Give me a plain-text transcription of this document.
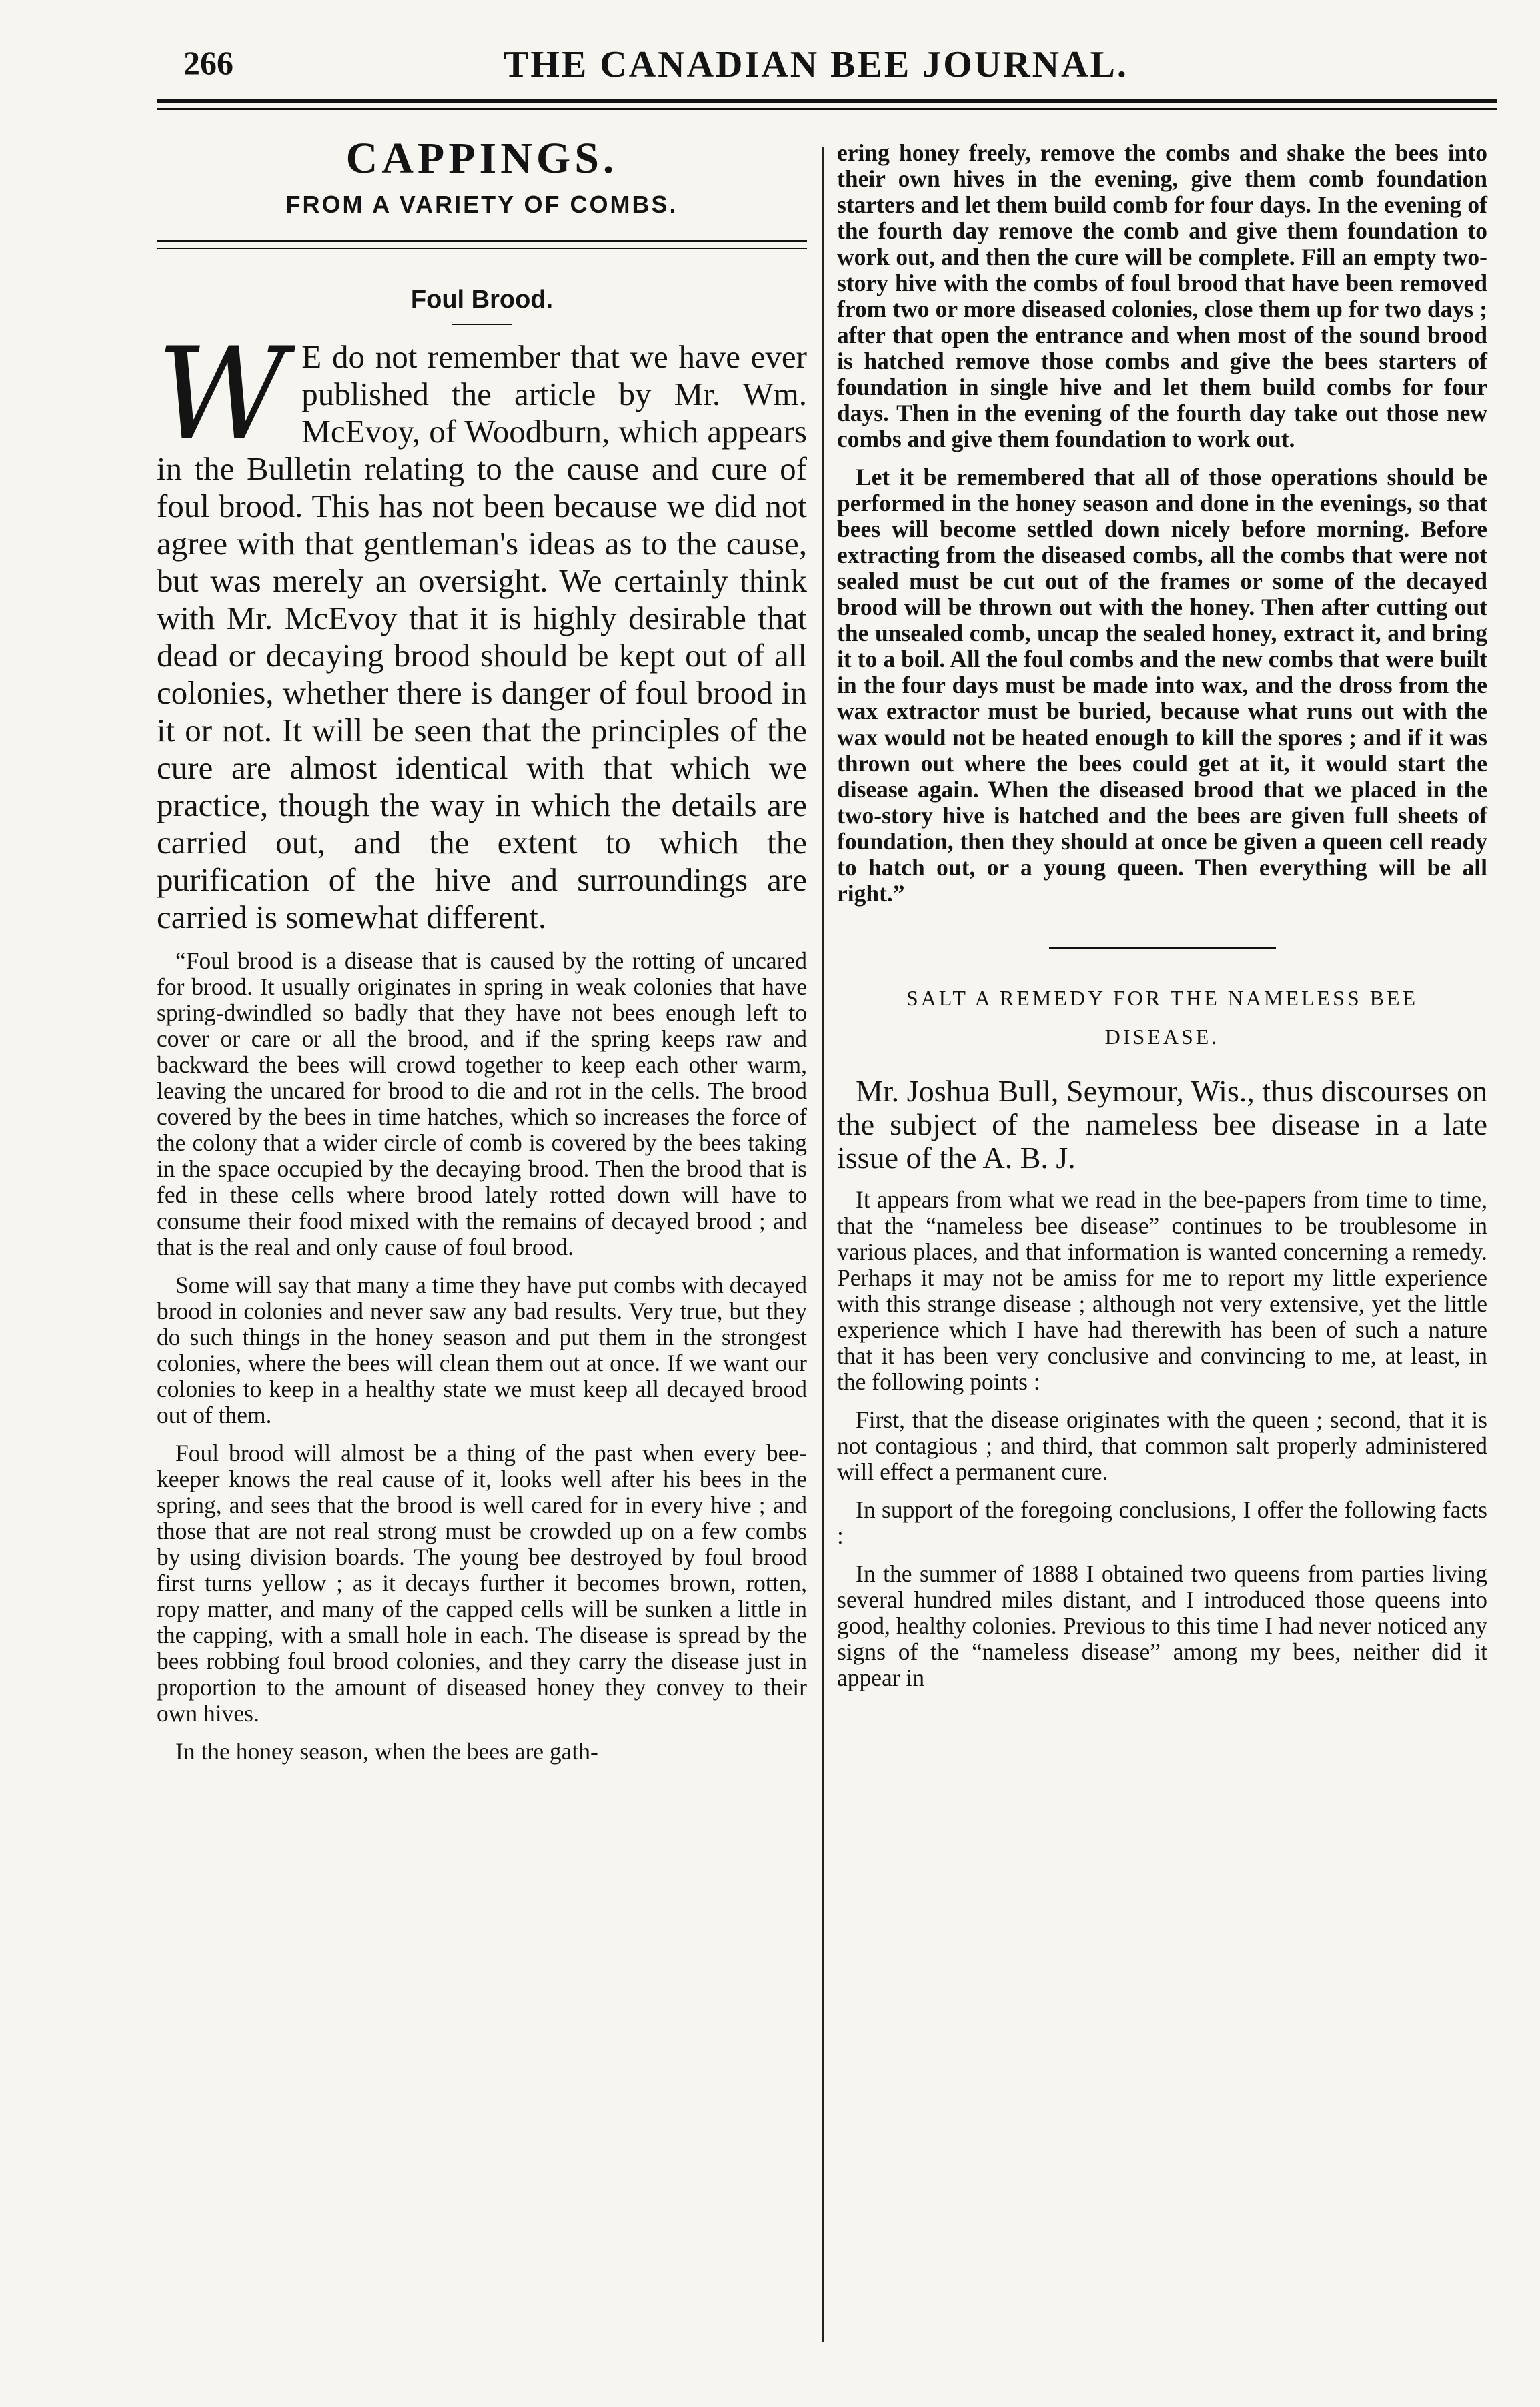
266	THE CANADIAN BEE JOURNAL.
CAPPINGS.
FROM A VARIETY OF COMBS.
Foul Brood.

W E do not remember that we have ever published the article by Mr. Wm. McEvoy, of Woodburn, which appears in the Bulletin relating to the cause and cure of foul brood. This has not been because we did not agree with that gentleman's ideas as to the cause, but was merely an oversight. We certainly think with Mr. McEvoy that it is highly desirable that dead or decaying brood should be kept out of all colonies, whether there is danger of foul brood in it or not. It will be seen that the principles of the cure are almost identical with that which we practice, though the way in which the details are carried out, and the extent to which the purification of the hive and surroundings are carried is somewhat different.

“Foul brood is a disease that is caused by the rotting of uncared for brood. It usually originates in spring in weak colonies that have spring-dwindled so badly that they have not bees enough left to cover or care or all the brood, and if the spring keeps raw and backward the bees will crowd together to keep each other warm, leaving the uncared for brood to die and rot in the cells. The brood covered by the bees in time hatches, which so increases the force of the colony that a wider circle of comb is covered by the bees taking in the space occupied by the decaying brood. Then the brood that is fed in these cells where brood lately rotted down will have to consume their food mixed with the remains of decayed brood ; and that is the real and only cause of foul brood.

Some will say that many a time they have put combs with decayed brood in colonies and never saw any bad results. Very true, but they do such things in the honey season and put them in the strongest colonies, where the bees will clean them out at once. If we want our colonies to keep in a healthy state we must keep all decayed brood out of them.

Foul brood will almost be a thing of the past when every bee-keeper knows the real cause of it, looks well after his bees in the spring, and sees that the brood is well cared for in every hive ; and those that are not real strong must be crowded up on a few combs by using division boards. The young bee destroyed by foul brood first turns yellow ; as it decays further it becomes brown, rotten, ropy matter, and many of the capped cells will be sunken a little in the capping, with a small hole in each. The disease is spread by the bees robbing foul brood colonies, and they carry the disease just in proportion to the amount of diseased honey they convey to their own hives.

In the honey season, when the bees are gath-

ering honey freely, remove the combs and shake the bees into their own hives in the evening, give them comb foundation starters and let them build comb for four days. In the evening of the fourth day remove the comb and give them foundation to work out, and then the cure will be complete. Fill an empty two-story hive with the combs of foul brood that have been removed from two or more diseased colonies, close them up for two days ; after that open the entrance and when most of the sound brood is hatched remove those combs and give the bees starters of foundation in single hive and let them build combs for four days. Then in the evening of the fourth day take out those new combs and give them foundation to work out.

Let it be remembered that all of those operations should be performed in the honey season and done in the evenings, so that bees will become settled down nicely before morning. Before extracting from the diseased combs, all the combs that were not sealed must be cut out of the frames or some of the decayed brood will be thrown out with the honey. Then after cutting out the unsealed comb, uncap the sealed honey, extract it, and bring it to a boil. All the foul combs and the new combs that were built in the four days must be made into wax, and the dross from the wax extractor must be buried, because what runs out with the wax would not be heated enough to kill the spores ; and if it was thrown out where the bees could get at it, it would start the disease again. When the diseased brood that we placed in the two-story hive is hatched and the bees are given full sheets of foundation, then they should at once be given a queen cell ready to hatch out, or a young queen. Then everything will be all right.”

SALT A REMEDY FOR THE NAMELESS BEE
DISEASE.

Mr. Joshua Bull, Seymour, Wis., thus discourses on the subject of the nameless bee disease in a late issue of the A. B. J.

It appears from what we read in the bee-papers from time to time, that the “nameless bee disease” continues to be troublesome in various places, and that information is wanted concerning a remedy. Perhaps it may not be amiss for me to report my little experience with this strange disease ; although not very extensive, yet the little experience which I have had therewith has been of such a nature that it has been very conclusive and convincing to me, at least, in the following points :

First, that the disease originates with the queen ; second, that it is not contagious ; and third, that common salt properly administered will effect a permanent cure.

In support of the foregoing conclusions, I offer the following facts :

In the summer of 1888 I obtained two queens from parties living several hundred miles distant, and I introduced those queens into good, healthy colonies. Previous to this time I had never noticed any signs of the “nameless disease” among my bees, neither did it appear in
